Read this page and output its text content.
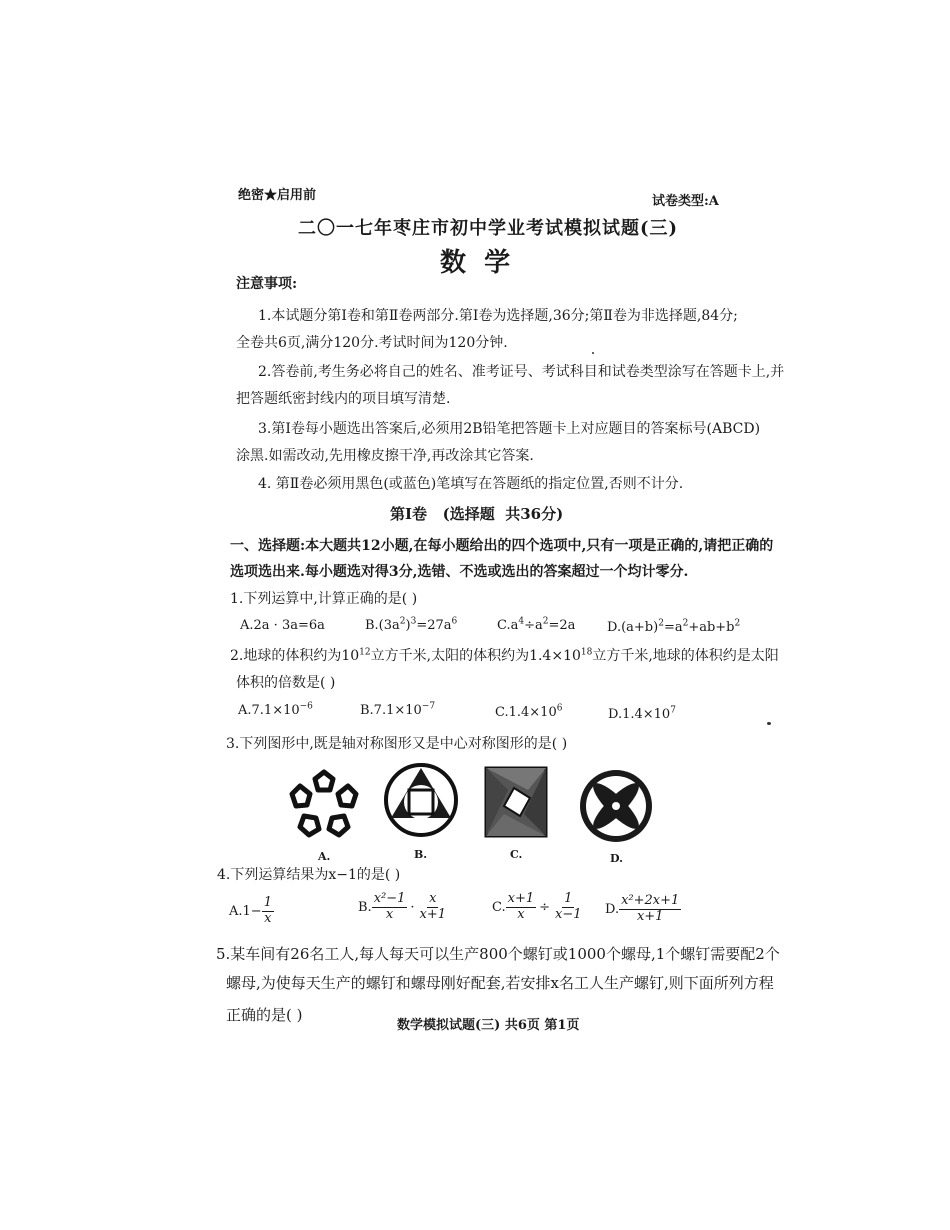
绝密★启用前	试卷类型:A
二〇一七年枣庄市初中学业考试模拟试题(三)
数  学
注意事项:
1.本试题分第Ⅰ卷和第Ⅱ卷两部分.第Ⅰ卷为选择题,36分;第Ⅱ卷为非选择题,84分;
全卷共6页,满分120分.考试时间为120分钟.
2.答卷前,考生务必将自己的姓名、准考证号、考试科目和试卷类型涂写在答题卡上,并
把答题纸密封线内的项目填写清楚.
3.第Ⅰ卷每小题选出答案后,必须用2B铅笔把答题卡上对应题目的答案标号(ABCD)
涂黑.如需改动,先用橡皮擦干净,再改涂其它答案.
4. 第Ⅱ卷必须用黑色(或蓝色)笔填写在答题纸的指定位置,否则不计分.
第Ⅰ卷   (选择题  共36分)
一、选择题:本大题共12小题,在每小题给出的四个选项中,只有一项是正确的,请把正确的
选项选出来.每小题选对得3分,选错、不选或选出的答案超过一个均计零分.
1.下列运算中,计算正确的是( )
A.2a · 3a=6a	$B.(3a^2)^3=27a^6$	$C.a^4\div a^2=2a$ $D.(a+b)^2=a^2+ab+b^2$
2.地球的体积约为$10^{12}$立方千米,太阳的体积约为$1.4\times 10^{18}$立方千米,地球的体积约是太阳
体积的倍数是( )
$A.7.1\times 10^{-6}$	$B.7.1\times 10^{-7}$	$C.1.4\times 10^6$	$D.1.4\times 10^7$
3.下列图形中,既是轴对称图形又是中心对称图形的是( )
A.	B.	C.	D.
4.下列运算结果为x−1的是( )
$A.1- \frac{1}{x}$	B. $\frac{\text{x²−1}}{x} \cdot \frac{x}{x+1}$	C. $\frac{x+1}{x} \div \frac{1}{x-1} D$. $\frac{\text{x²+2x+1}}{x+1}$
5.某车间有26名工人,每人每天可以生产800个螺钉或1000个螺母,1个螺钉需要配2个
螺母,为使每天生产的螺钉和螺母刚好配套,若安排x名工人生产螺钉,则下面所列方程
正确的是( )
数学模拟试题(三) 共6页 第1页
